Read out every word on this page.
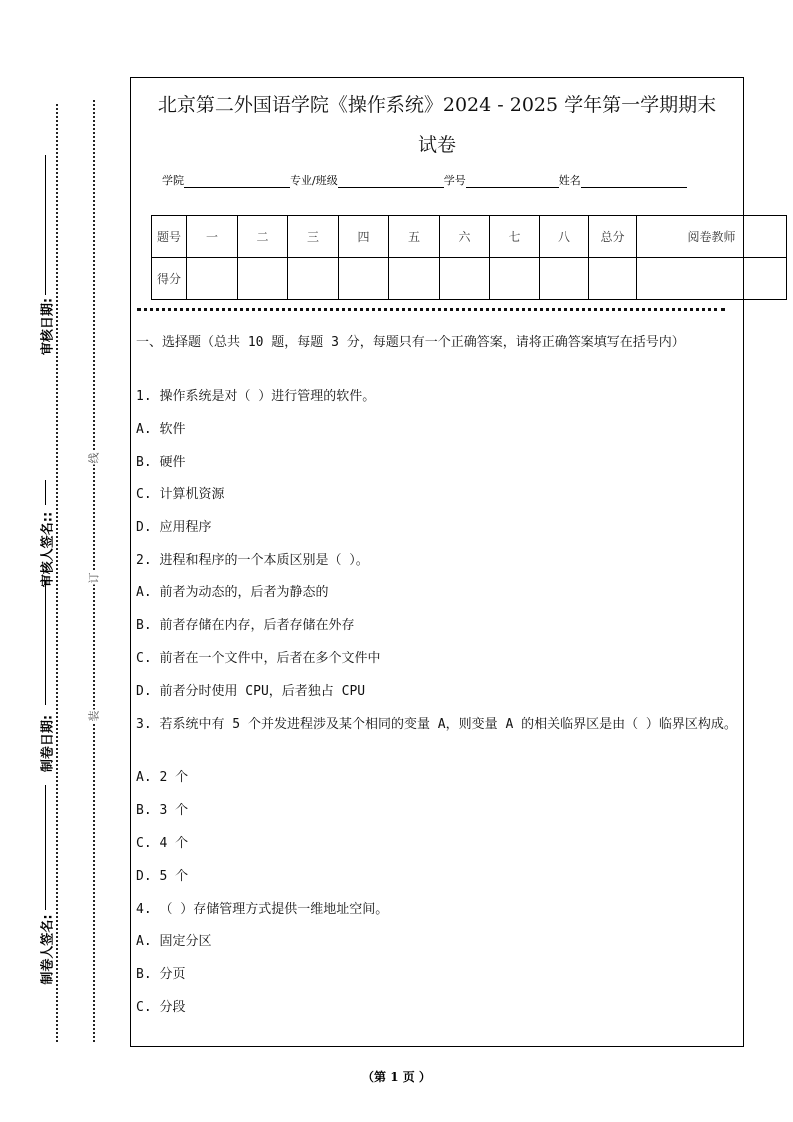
审核日期:
审核人签名::
制卷日期:
制卷人签名:
线
订
装
北京第二外国语学院《操作系统》2024 - 2025 学年第一学期期末
试卷
学院	专业/班级	学号	姓名
题号	一	二	三	四	五	六	七	八	总分	阅卷教师
得分										
一、选择题（总共 10 题，每题 3 分，每题只有一个正确答案，请将正确答案填写在括号内）
1. 操作系统是对（ ）进行管理的软件。
A. 软件
B. 硬件
C. 计算机资源
D. 应用程序
2. 进程和程序的一个本质区别是（ ）。
A. 前者为动态的，后者为静态的
B. 前者存储在内存，后者存储在外存
C. 前者在一个文件中，后者在多个文件中
D. 前者分时使用 CPU，后者独占 CPU
3. 若系统中有 5 个并发进程涉及某个相同的变量 A，则变量 A 的相关临界区是由（ ）临界区构成。
A. 2 个
B. 3 个
C. 4 个
D. 5 个
4. （ ）存储管理方式提供一维地址空间。
A. 固定分区
B. 分页
C. 分段
（第 1 页 ）
